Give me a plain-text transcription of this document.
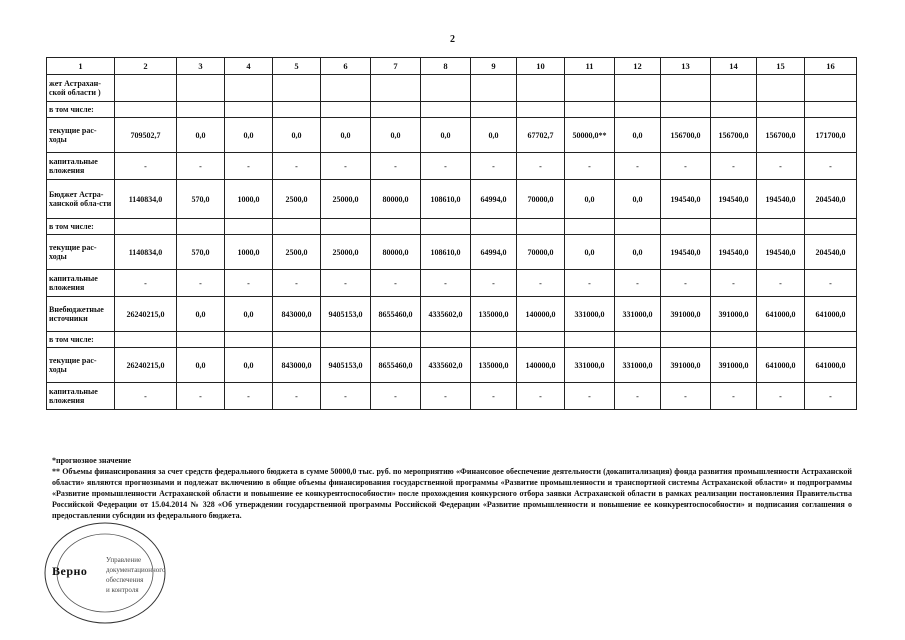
2
1	2	3	4	5	6	7	8	9	10	11	12	13	14	15	16
жет Астрахан-ской области )															
в том числе:															
текущие рас-ходы	709502,7	0,0	0,0	0,0	0,0	0,0	0,0	0,0	67702,7	50000,0**	0,0	156700,0	156700,0	156700,0	171700,0
капитальные вложения	-	-	-	-	-	-	-	-	-	-	-	-	-	-	-
Бюджет Астра-ханской обла-сти	1140834,0	570,0	1000,0	2500,0	25000,0	80000,0	108610,0	64994,0	70000,0	0,0	0,0	194540,0	194540,0	194540,0	204540,0
в том числе:															
текущие рас-ходы	1140834,0	570,0	1000,0	2500,0	25000,0	80000,0	108610,0	64994,0	70000,0	0,0	0,0	194540,0	194540,0	194540,0	204540,0
капитальные вложения	-	-	-	-	-	-	-	-	-	-	-	-	-	-	-
Внебюджетные источники	26240215,0	0,0	0,0	843000,0	9405153,0	8655460,0	4335602,0	135000,0	140000,0	331000,0	331000,0	391000,0	391000,0	641000,0	641000,0
в том числе:															
текущие рас-ходы	26240215,0	0,0	0,0	843000,0	9405153,0	8655460,0	4335602,0	135000,0	140000,0	331000,0	331000,0	391000,0	391000,0	641000,0	641000,0
капитальные вложения	-	-	-	-	-	-	-	-	-	-	-	-	-	-	-

*прогнозное значение

** Объемы финансирования за счет средств федерального бюджета в сумме 50000,0 тыс. руб. по мероприятию «Финансовое обеспечение деятельности (докапитализация) фонда развития промышленности Астраханской области» являются прогнозными и подлежат включению в общие объемы финансирования государственной программы «Развитие промышленности и транспортной системы Астраханской области» и подпрограммы «Развитие промышленности Астраханской области и повышение ее конкурентоспособности» после прохождения конкурсного отбора заявки Астраханской области в рамках реализации постановления Правительства Российской Федерации от 15.04.2014 № 328 «Об утверждении государственной программы Российской Федерации «Развитие промышленности и повышение ее конкурентоспособности» и подписания соглашения о предоставлении субсидии из федерального бюджета.

Управление
документационного
обеспечения
и контроля
Верно
